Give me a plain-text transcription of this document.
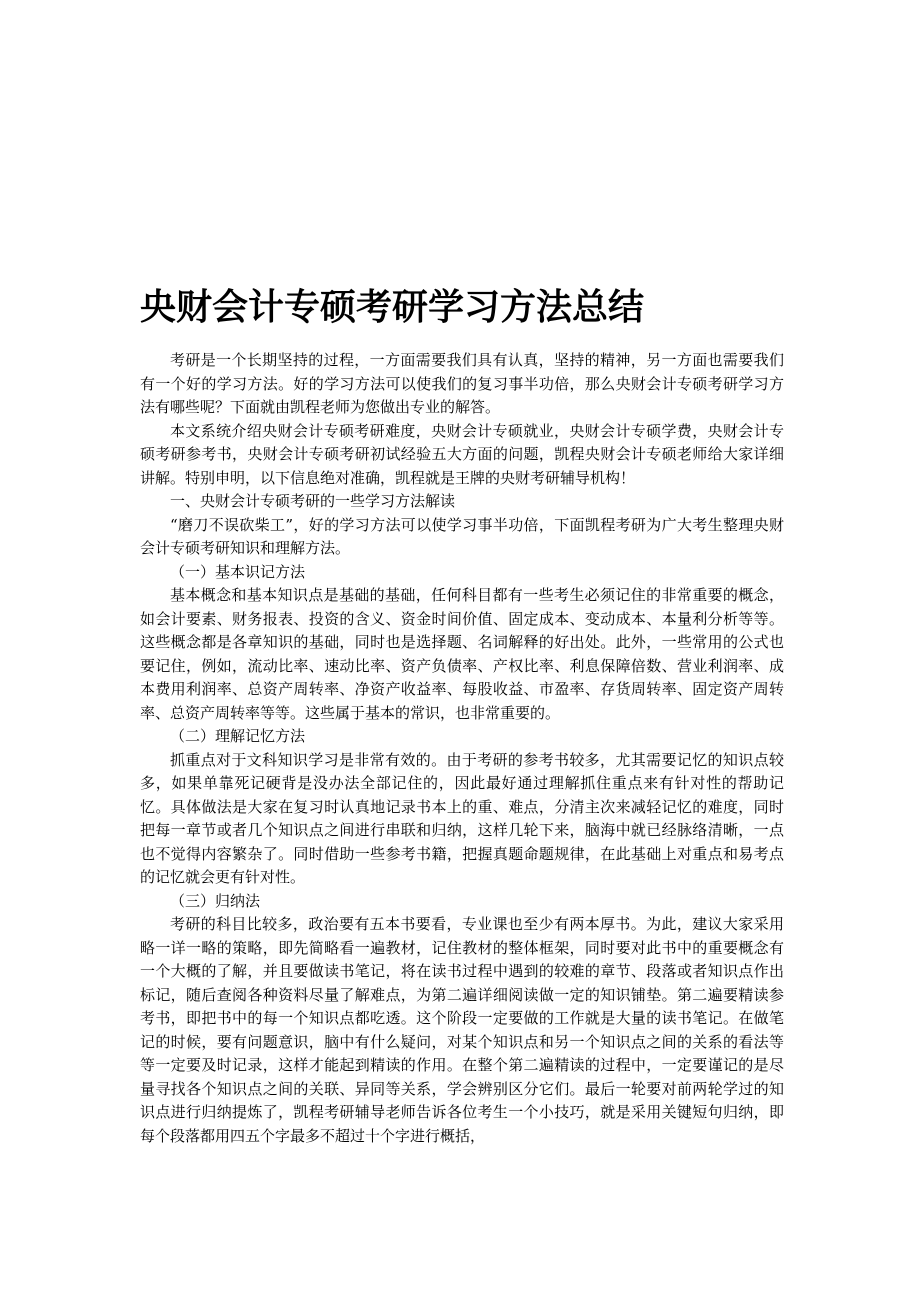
央财会计专硕考研学习方法总结

考研是一个长期坚持的过程，一方面需要我们具有认真，坚持的精神，另一方面也需要我们有一个好的学习方法。好的学习方法可以使我们的复习事半功倍，那么央财会计专硕考研学习方法有哪些呢？下面就由凯程老师为您做出专业的解答。

本文系统介绍央财会计专硕考研难度，央财会计专硕就业，央财会计专硕学费，央财会计专硕考研参考书，央财会计专硕考研初试经验五大方面的问题，凯程央财会计专硕老师给大家详细讲解。特别申明，以下信息绝对准确，凯程就是王牌的央财考研辅导机构！

一、央财会计专硕考研的一些学习方法解读

“磨刀不误砍柴工”，好的学习方法可以使学习事半功倍，下面凯程考研为广大考生整理央财会计专硕考研知识和理解方法。

（一）基本识记方法

基本概念和基本知识点是基础的基础，任何科目都有一些考生必须记住的非常重要的概念，如会计要素、财务报表、投资的含义、资金时间价值、固定成本、变动成本、本量利分析等等。这些概念都是各章知识的基础，同时也是选择题、名词解释的好出处。此外，一些常用的公式也要记住，例如，流动比率、速动比率、资产负债率、产权比率、利息保障倍数、营业利润率、成本费用利润率、总资产周转率、净资产收益率、每股收益、市盈率、存货周转率、固定资产周转率、总资产周转率等等。这些属于基本的常识，也非常重要的。

（二）理解记忆方法

抓重点对于文科知识学习是非常有效的。由于考研的参考书较多，尤其需要记忆的知识点较多，如果单靠死记硬背是没办法全部记住的，因此最好通过理解抓住重点来有针对性的帮助记忆。具体做法是大家在复习时认真地记录书本上的重、难点，分清主次来减轻记忆的难度，同时把每一章节或者几个知识点之间进行串联和归纳，这样几轮下来，脑海中就已经脉络清晰，一点也不觉得内容繁杂了。同时借助一些参考书籍，把握真题命题规律，在此基础上对重点和易考点的记忆就会更有针对性。

（三）归纳法

考研的科目比较多，政治要有五本书要看，专业课也至少有两本厚书。为此，建议大家采用略一详一略的策略，即先简略看一遍教材，记住教材的整体框架，同时要对此书中的重要概念有一个大概的了解，并且要做读书笔记，将在读书过程中遇到的较难的章节、段落或者知识点作出标记，随后查阅各种资料尽量了解难点，为第二遍详细阅读做一定的知识铺垫。第二遍要精读参考书，即把书中的每一个知识点都吃透。这个阶段一定要做的工作就是大量的读书笔记。在做笔记的时候，要有问题意识，脑中有什么疑问，对某个知识点和另一个知识点之间的关系的看法等等一定要及时记录，这样才能起到精读的作用。在整个第二遍精读的过程中，一定要谨记的是尽量寻找各个知识点之间的关联、异同等关系，学会辨别区分它们。最后一轮要对前两轮学过的知识点进行归纳提炼了，凯程考研辅导老师告诉各位考生一个小技巧，就是采用关键短句归纳，即每个段落都用四五个字最多不超过十个字进行概括，
